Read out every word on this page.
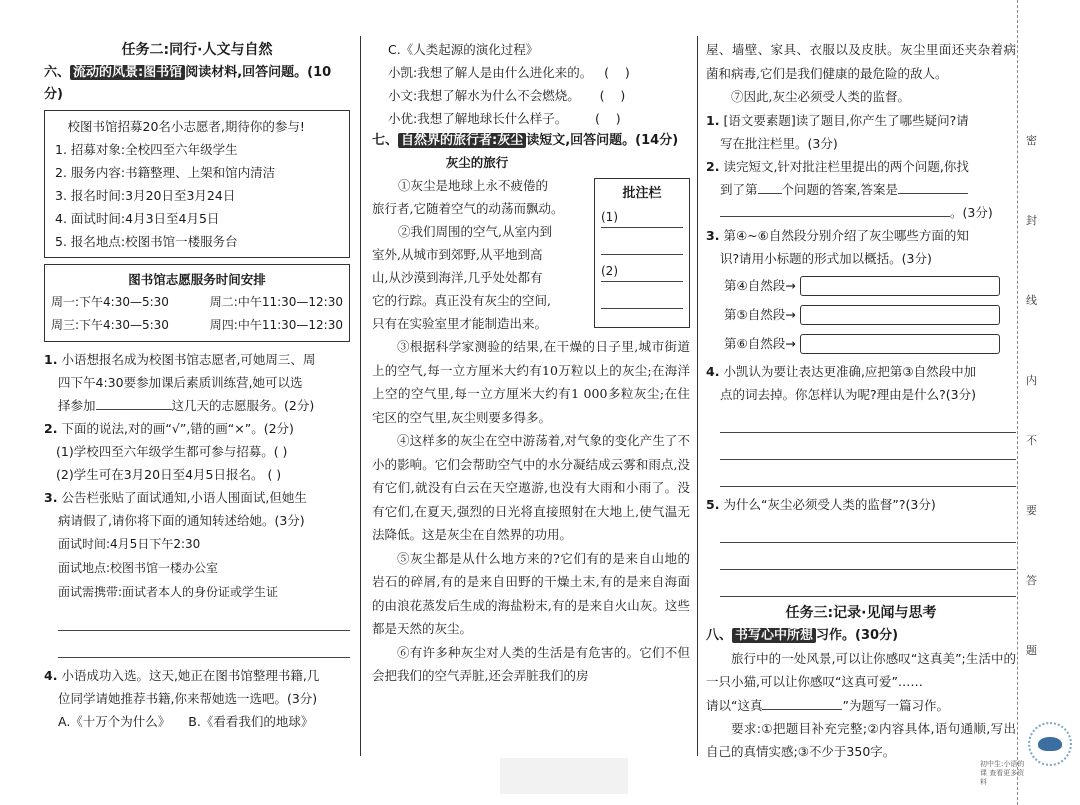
任务二:同行·人文与自然
六、 流动的风景:图书馆 阅读材料,回答问题。(10分)
校图书馆招募20名小志愿者,期待你的参与!
1. 招募对象:全校四至六年级学生
2. 服务内容:书籍整理、上架和馆内清洁
3. 报名时间:3月20日至3月24日
4. 面试时间:4月3日至4月5日
5. 报名地点:校图书馆一楼服务台
图书馆志愿服务时间安排
周一:下午4:30—5:30	周二:中午11:30—12:30
周三:下午4:30—5:30	周四:中午11:30—12:30
1. 小语想报名成为校图书馆志愿者,可她周三、周
四下午4:30要参加课后素质训练营,她可以选
择参加	这几天的志愿服务。(2分)
2. 下面的说法,对的画“√”,错的画“×”。(2分)
(1)学校四至六年级学生都可参与招募。( )
(2)学生可在3月20日至4月5日报名。 ( )
3. 公告栏张贴了面试通知,小语人围面试,但她生
病请假了,请你将下面的通知转述给她。(3分)
面试时间:4月5日下午2:30
面试地点:校图书馆一楼办公室
面试需携带:面试者本人的身份证或学生证
4. 小语成功入选。这天,她正在图书馆整理书籍,几
位同学请她推荐书籍,你来帮她选一选吧。(3分)
A.《十万个为什么》 B.《看看我们的地球》
C.《人类起源的演化过程》
小凯:我想了解人是由什么进化来的。   (    )
小文:我想了解水为什么不会燃烧。     (    )
小优:我想了解地球长什么样子。       (    )
七、 自然界的旅行者:灰尘 读短文,回答问题。(14分)
灰尘的旅行
批注栏
(1)
(2)
①灰尘是地球上永不疲倦的
旅行者,它随着空气的动荡而飘动。
②我们周围的空气,从室内到
室外,从城市到郊野,从平地到高
山,从沙漠到海洋,几乎处处都有
它的行踪。真正没有灰尘的空间,
只有在实验室里才能制造出来。
③根据科学家测验的结果,在干燥的日子里,城市街道上的空气,每一立方厘米大约有10万粒以上的灰尘;在海洋上空的空气里,每一立方厘米大约有1 000多粒灰尘;在住宅区的空气里,灰尘则要多得多。
④这样多的灰尘在空中游荡着,对气象的变化产生了不小的影响。它们会帮助空气中的水分凝结成云雾和雨点,没有它们,就没有白云在天空遨游,也没有大雨和小雨了。没有它们,在夏天,强烈的日光将直接照射在大地上,使气温无法降低。这是灰尘在自然界的功用。
⑤灰尘都是从什么地方来的?它们有的是来自山地的岩石的碎屑,有的是来自田野的干燥土末,有的是来自海面的由浪花蒸发后生成的海盐粉末,有的是来自火山灰。这些都是天然的灰尘。
⑥有许多种灰尘对人类的生活是有危害的。它们不但会把我们的空气弄脏,还会弄脏我们的房
屋、墙壁、家具、衣服以及皮肤。灰尘里面还夹杂着病菌和病毒,它们是我们健康的最危险的敌人。
⑦因此,灰尘必须受人类的监督。
1. [语文要素题]读了题目,你产生了哪些疑问?请
写在批注栏里。(3分)
2. 读完短文,针对批注栏里提出的两个问题,你找
到了第 个问题的答案,答案是
。(3分)
3. 第④~⑥自然段分别介绍了灰尘哪些方面的知
识?请用小标题的形式加以概括。(3分)
第④自然段→
第⑤自然段→
第⑥自然段→
4. 小凯认为要让表达更准确,应把第③自然段中加
点的词去掉。你怎样认为呢?理由是什么?(3分)
5. 为什么“灰尘必须受人类的监督”?(3分)
任务三:记录·见闻与思考
八、 书写心中所想 习作。(30分)
旅行中的一处风景,可以让你感叹“这真美”;生活中的一只小猫,可以让你感叹“这真可爱”……
请以“这真	”为题写一篇习作。
要求:①把题目补充完整;②内容具体,语句通顺,写出自己的真情实感;③不少于350字。
密
封
线
内
不
要
答
题
初中生:小语的课 查看更多资料
